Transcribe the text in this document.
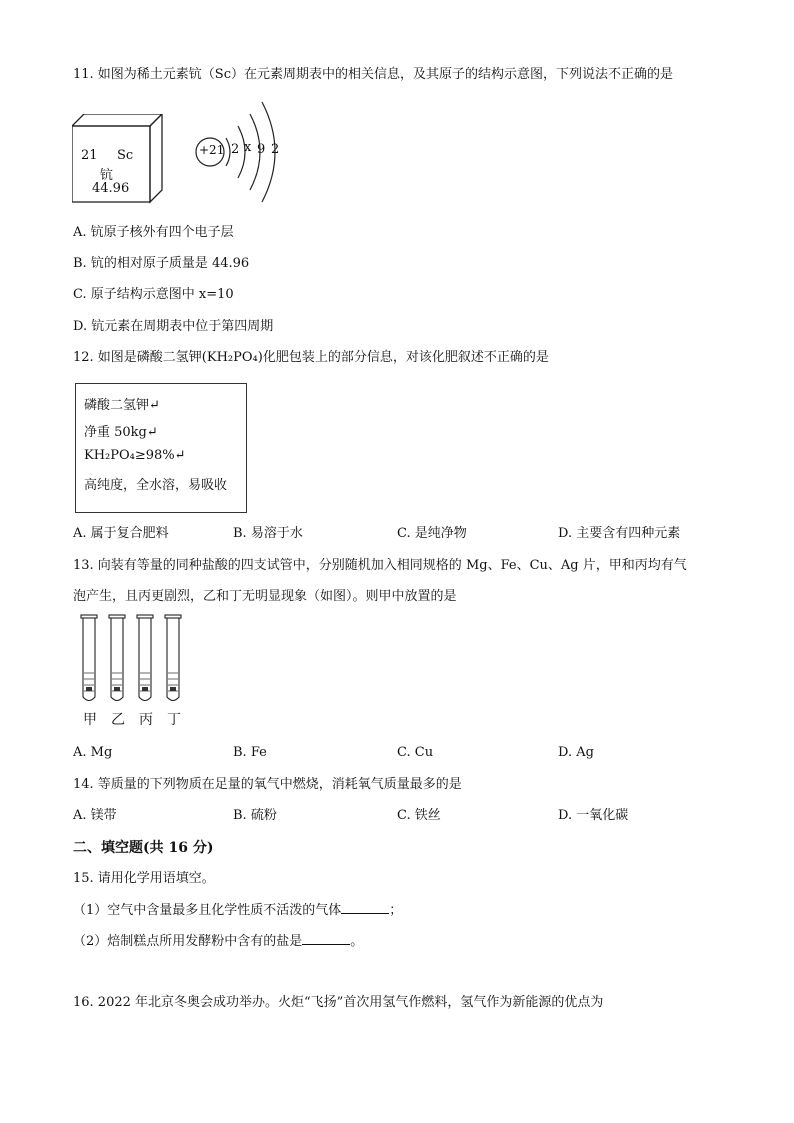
11. 如图为稀土元素钪（Sc）在元素周期表中的相关信息，及其原子的结构示意图，下列说法不正确的是
21 Sc
钪
44.96
+21 2 x 9 2
A. 钪原子核外有四个电子层
B. 钪的相对原子质量是 44.96
C. 原子结构示意图中 x=10
D. 钪元素在周期表中位于第四周期
12. 如图是磷酸二氢钾(KH₂PO₄)化肥包装上的部分信息，对该化肥叙述不正确的是
磷酸二氢钾↵
净重 50kg↵
KH₂PO₄≥98%↵
高纯度，全水溶，易吸收
A. 属于复合肥料	B. 易溶于水	C. 是纯净物	D. 主要含有四种元素
13. 向装有等量的同种盐酸的四支试管中，分别随机加入相同规格的 Mg、Fe、Cu、Ag 片，甲和丙均有气
泡产生，且丙更剧烈，乙和丁无明显现象（如图）。则甲中放置的是
甲 乙 丙 丁
A. Mg	B. Fe	C. Cu	D. Ag
14. 等质量的下列物质在足量的氧气中燃烧，消耗氧气质量最多的是
A. 镁带	B. 硫粉	C. 铁丝	D. 一氧化碳
二、填空题(共 16 分)
15. 请用化学用语填空。
（1）空气中含量最多且化学性质不活泼的气体	；
（2）焙制糕点所用发酵粉中含有的盐是	。
16. 2022 年北京冬奥会成功举办。火炬“飞扬”首次用氢气作燃料，氢气作为新能源的优点为
